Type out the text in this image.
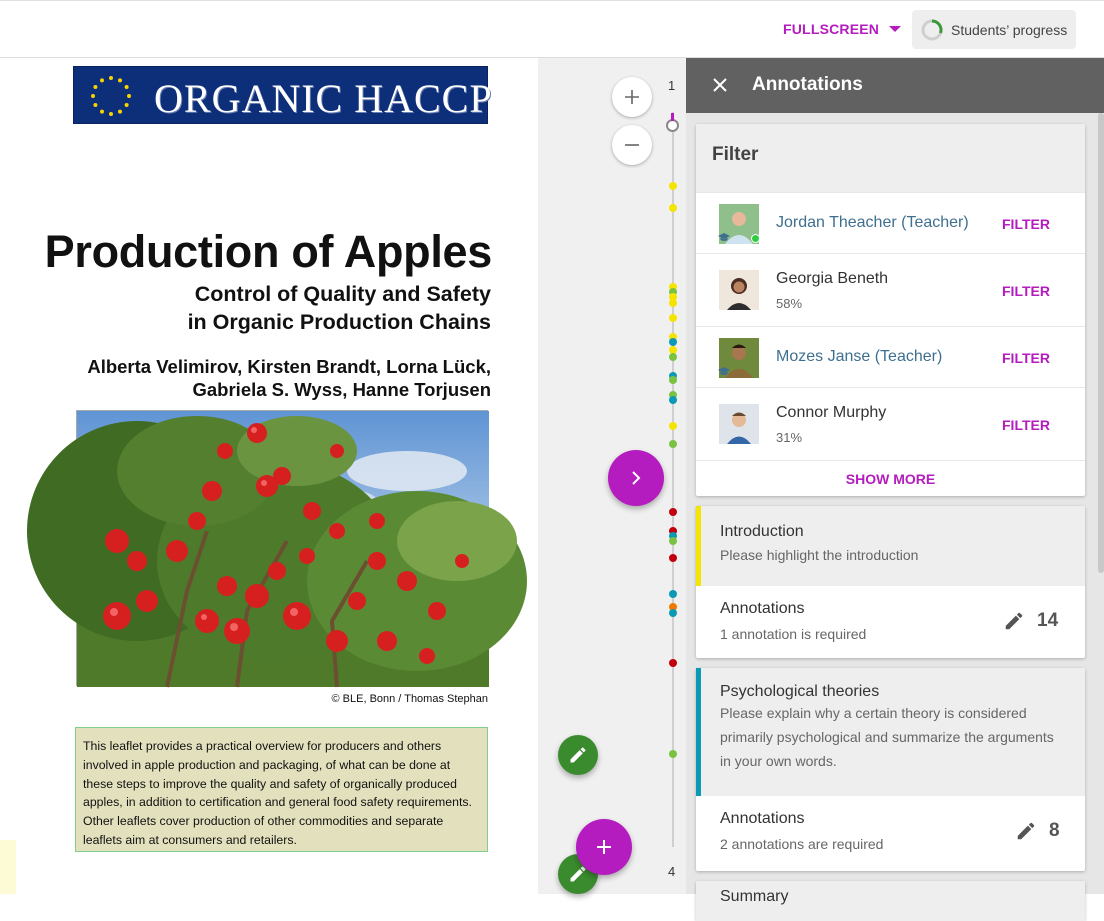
FULLSCREEN	Students’ progress
ORGANIC HACCP
Production of Apples
Control of Quality and Safety
in Organic Production Chains
Alberta Velimirov, Kirsten Brandt, Lorna Lück,
Gabriela S. Wyss, Hanne Torjusen
© BLE, Bonn / Thomas Stephan
This leaflet provides a practical overview for producers and others involved in apple production and packaging, of what can be done at these steps to improve the quality and safety of organically produced apples, in addition to certification and general food safety requirements. Other leaflets cover production of other commodities and separate leaflets aim at consumers and retailers.
1
4
Annotations
Filter
Jordan Theacher (Teacher) FILTER
Georgia Beneth
58%
FILTER
Mozes Janse (Teacher)	FILTER
Connor Murphy
31%
FILTER
SHOW MORE
Introduction
Please highlight the introduction
Annotations
1 annotation is required
14
Psychological theories
Please explain why a certain theory is considered
primarily psychological and summarize the arguments
in your own words.
Annotations
2 annotations are required
8
Summary
